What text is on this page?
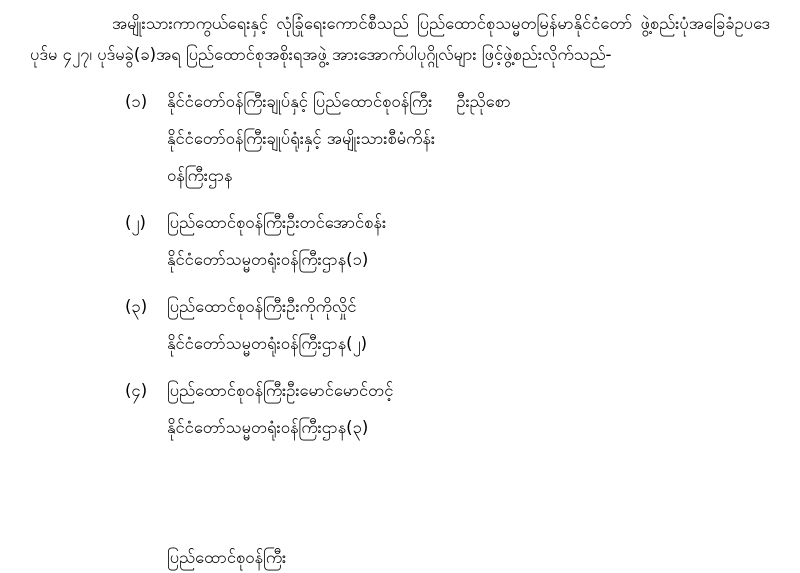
အမျိုးသားကာကွယ်ရေးနှင့် လုံခြုံရေးကောင်စီသည် ပြည်ထောင်စုသမ္မတမြန်မာနိုင်ငံတော် ဖွဲ့စည်းပုံအခြေခံဥပဒေပုဒ်မ ၄၂၇၊ ပုဒ်မခွဲ(ခ)အရ ပြည်ထောင်စုအစိုးရအဖွဲ့ အားအောက်ပါပုဂ္ဂိုလ်များ ဖြင့်ဖွဲ့စည်းလိုက်သည်-

(၁)	နိုင်ငံတော်ဝန်ကြီးချုပ်နှင့် ပြည်ထောင်စုဝန်ကြီး ဦးညိုစော
နိုင်ငံတော်ဝန်ကြီးချုပ်ရုံးနှင့် အမျိုးသားစီမံကိန်း
ဝန်ကြီးဌာန
(၂)	ပြည်ထောင်စုဝန်ကြီး ဦးတင်အောင်စန်း
နိုင်ငံတော်သမ္မတရုံးဝန်ကြီးဌာန(၁)
(၃)	ပြည်ထောင်စုဝန်ကြီး ဦးကိုကိုလှိုင်
နိုင်ငံတော်သမ္မတရုံးဝန်ကြီးဌာန(၂)
(၄)	ပြည်ထောင်စုဝန်ကြီး ဦးမောင်မောင်တင့်
နိုင်ငံတော်သမ္မတရုံးဝန်ကြီးဌာန(၃)
ပြည်ထောင်စုဝန်ကြီး
